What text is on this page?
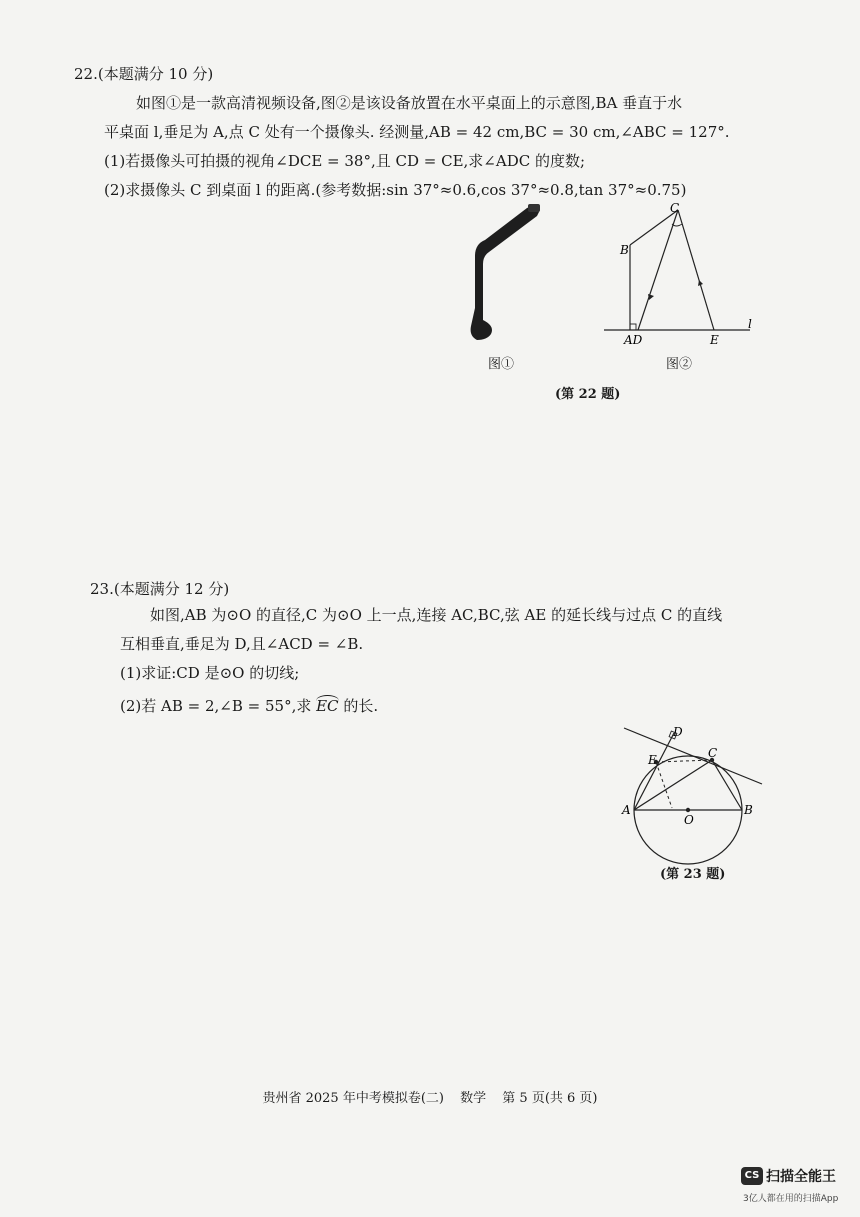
22.(本题满分 10 分)
如图①是一款高清视频设备,图②是该设备放置在水平桌面上的示意图,BA 垂直于水
平桌面 l,垂足为 A,点 C 处有一个摄像头. 经测量,AB = 42 cm,BC = 30 cm,∠ABC = 127°.
(1)若摄像头可拍摄的视角∠DCE = 38°,且 CD = CE,求∠ADC 的度数;
(2)求摄像头 C 到桌面 l 的距离.(参考数据:sin 37°≈0.6,cos 37°≈0.8,tan 37°≈0.75)
图①
C
B
AD	E
l
图②
(第 22 题)
23.(本题满分 12 分)
如图,AB 为⊙O 的直径,C 为⊙O 上一点,连接 AC,BC,弦 AE 的延长线与过点 C 的直线
互相垂直,垂足为 D,且∠ACD = ∠B.
(1)求证:CD 是⊙O 的切线;
(2)若 AB = 2,∠B = 55°,求 EC 的长.
D
E	C
A
O
B
(第 23 题)
贵州省 2025 年中考模拟卷(二) 数学 第 5 页(共 6 页)
CS 扫描全能王
3亿人都在用的扫描App
